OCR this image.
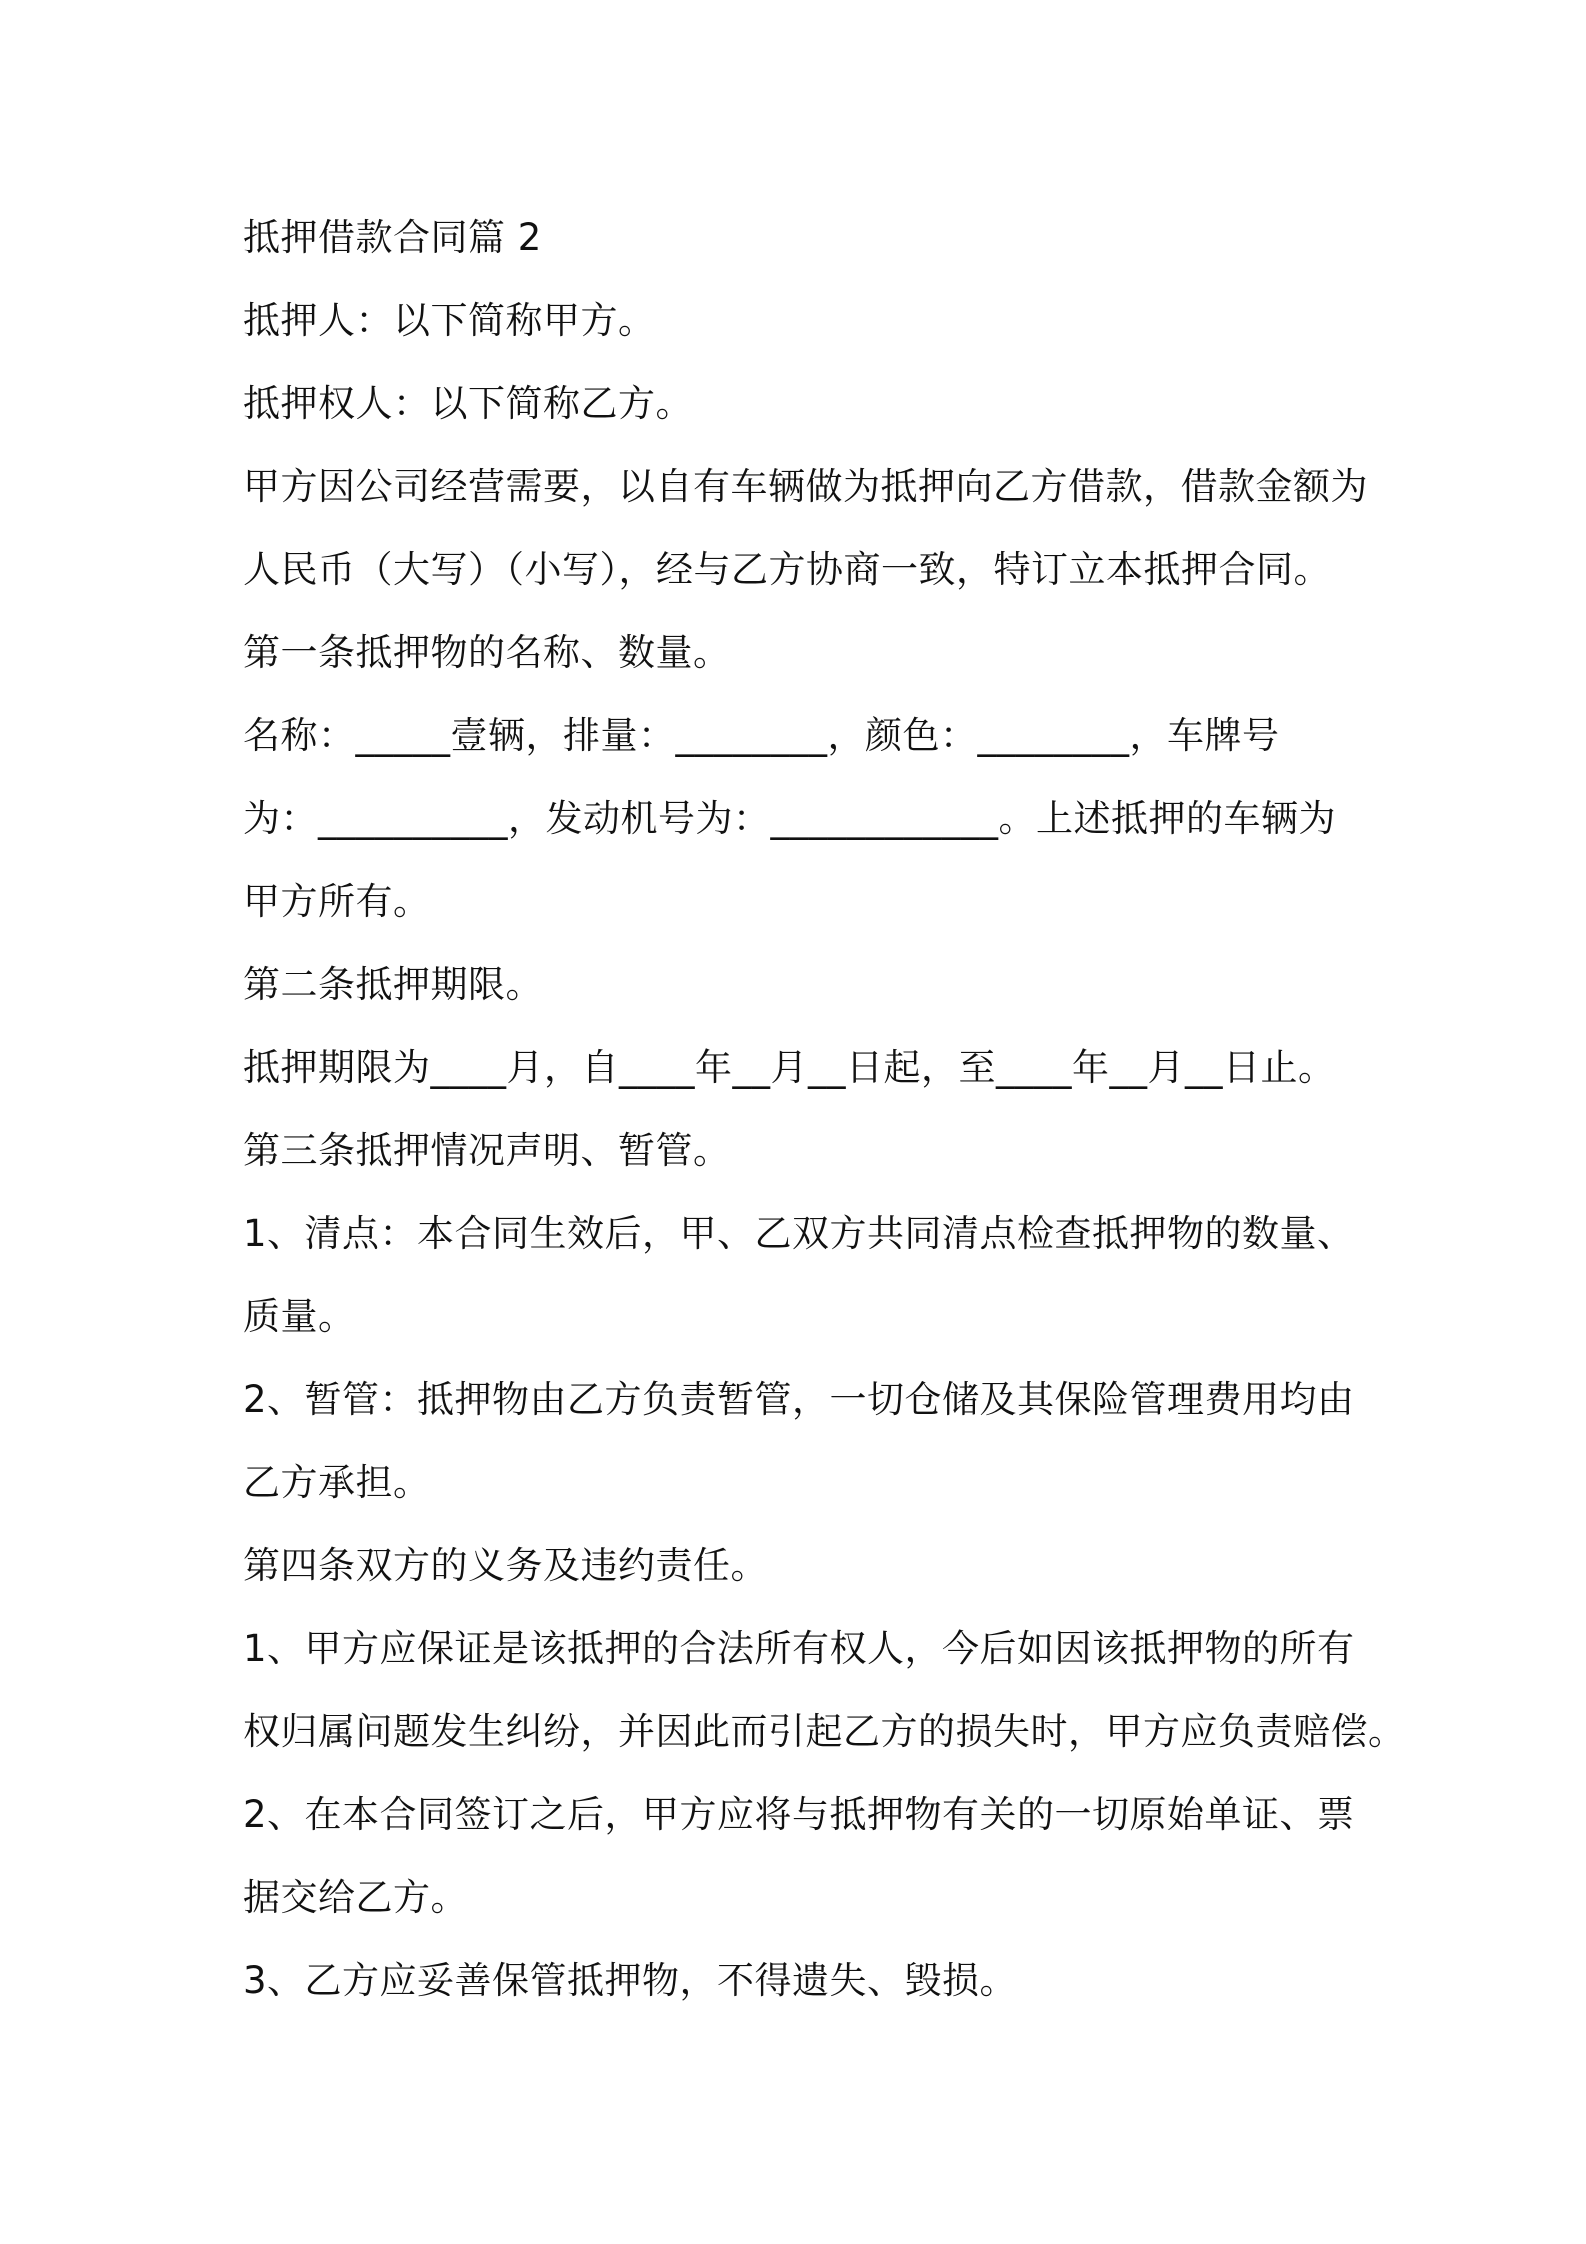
抵押借款合同篇 2

抵押人：以下简称甲方。

抵押权人：以下简称乙方。

甲方因公司经营需要，以自有车辆做为抵押向乙方借款，借款金额为

人民币（大写）（小写），经与乙方协商一致，特订立本抵押合同。

第一条抵押物的名称、数量。

名称：_____壹辆，排量：________，颜色：________，车牌号

为：__________，发动机号为：____________。上述抵押的车辆为

甲方所有。

第二条抵押期限。

抵押期限为____月，自____年__月__日起，至____年__月__日止。

第三条抵押情况声明、暂管。

1、清点：本合同生效后，甲、乙双方共同清点检查抵押物的数量、

质量。

2、暂管：抵押物由乙方负责暂管，一切仓储及其保险管理费用均由

乙方承担。

第四条双方的义务及违约责任。

1、甲方应保证是该抵押的合法所有权人，今后如因该抵押物的所有

权归属问题发生纠纷，并因此而引起乙方的损失时，甲方应负责赔偿。

2、在本合同签订之后，甲方应将与抵押物有关的一切原始单证、票

据交给乙方。

3、乙方应妥善保管抵押物，不得遗失、毁损。
